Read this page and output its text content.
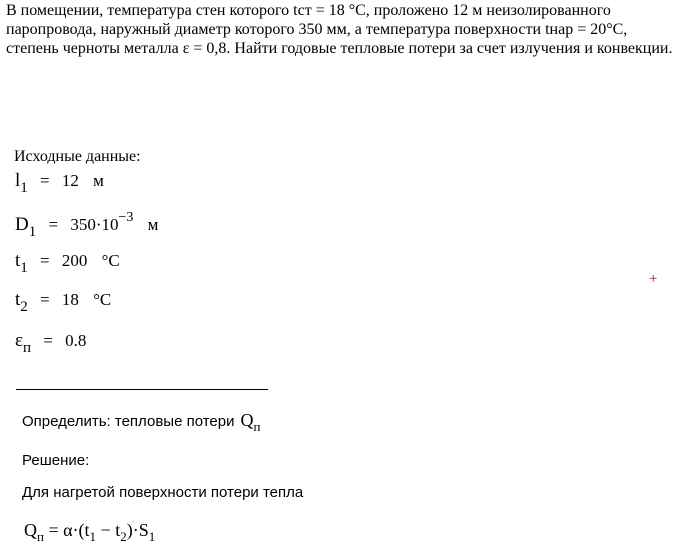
В помещении, температура стен которого tст = 18 °С, проложено 12 м неизолированного паропровода, наружный диаметр которого 350 мм, а температура поверхности tнар = 20°С, степень черноты металла ε = 0,8. Найти годовые тепловые потери за счет излучения и конвекции.

Исходные данные:

$l_1 = 12$ м
$D_1 = 350\cdot 10^{-3}$ м
$t_1 = 200$ °C
$t_2 = 18$ °C
$\varepsilon_п = 0.8$
+
Определить: тепловые потери $Q_п$
Решение:
Для нагретой поверхности потери тепла
$Q_п = \alpha\cdot(t_1 - t_2)\cdot S_1$
